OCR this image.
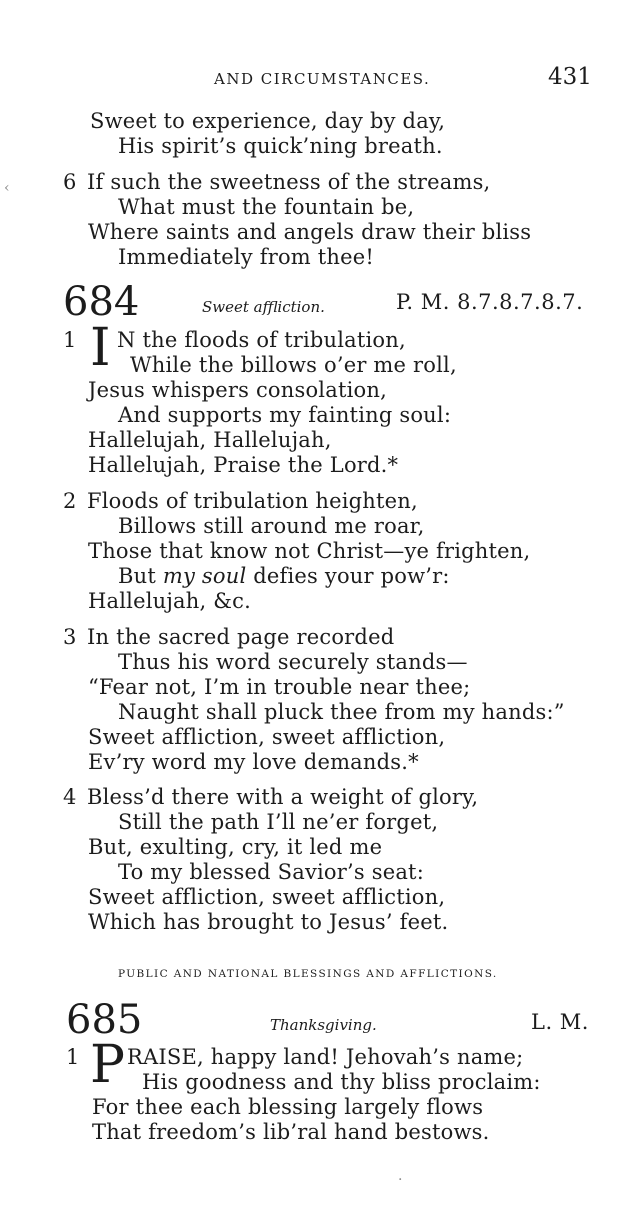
AND CIRCUMSTANCES.	431
Sweet to experience, day by day,
His spirit’s quick’ning breath.
‹	6 If such the sweetness of the streams,
What must the fountain be,
Where saints and angels draw their bliss
Immediately from thee!
684	Sweet affliction.	P. M. 8.7.8.7.8.7.
1 I N the floods of tribulation,
While the billows o’er me roll,
Jesus whispers consolation,
And supports my fainting soul:
Hallelujah, Hallelujah,
Hallelujah, Praise the Lord.*
2 Floods of tribulation heighten,
Billows still around me roar,
Those that know not Christ—ye frighten,
But my soul defies your pow’r:
Hallelujah, &c.
3 In the sacred page recorded
Thus his word securely stands—
“Fear not, I’m in trouble near thee;
Naught shall pluck thee from my hands:”
Sweet affliction, sweet affliction,
Ev’ry word my love demands.*
4 Bless’d there with a weight of glory,
Still the path I’ll ne’er forget,
But, exulting, cry, it led me
To my blessed Savior’s seat:
Sweet affliction, sweet affliction,
Which has brought to Jesus’ feet.
PUBLIC AND NATIONAL BLESSINGS AND AFFLICTIONS.
685	Thanksgiving.	L. M.
1 P RAISE, happy land! Jehovah’s name;
His goodness and thy bliss proclaim:
For thee each blessing largely flows
That freedom’s lib’ral hand bestows.
.
